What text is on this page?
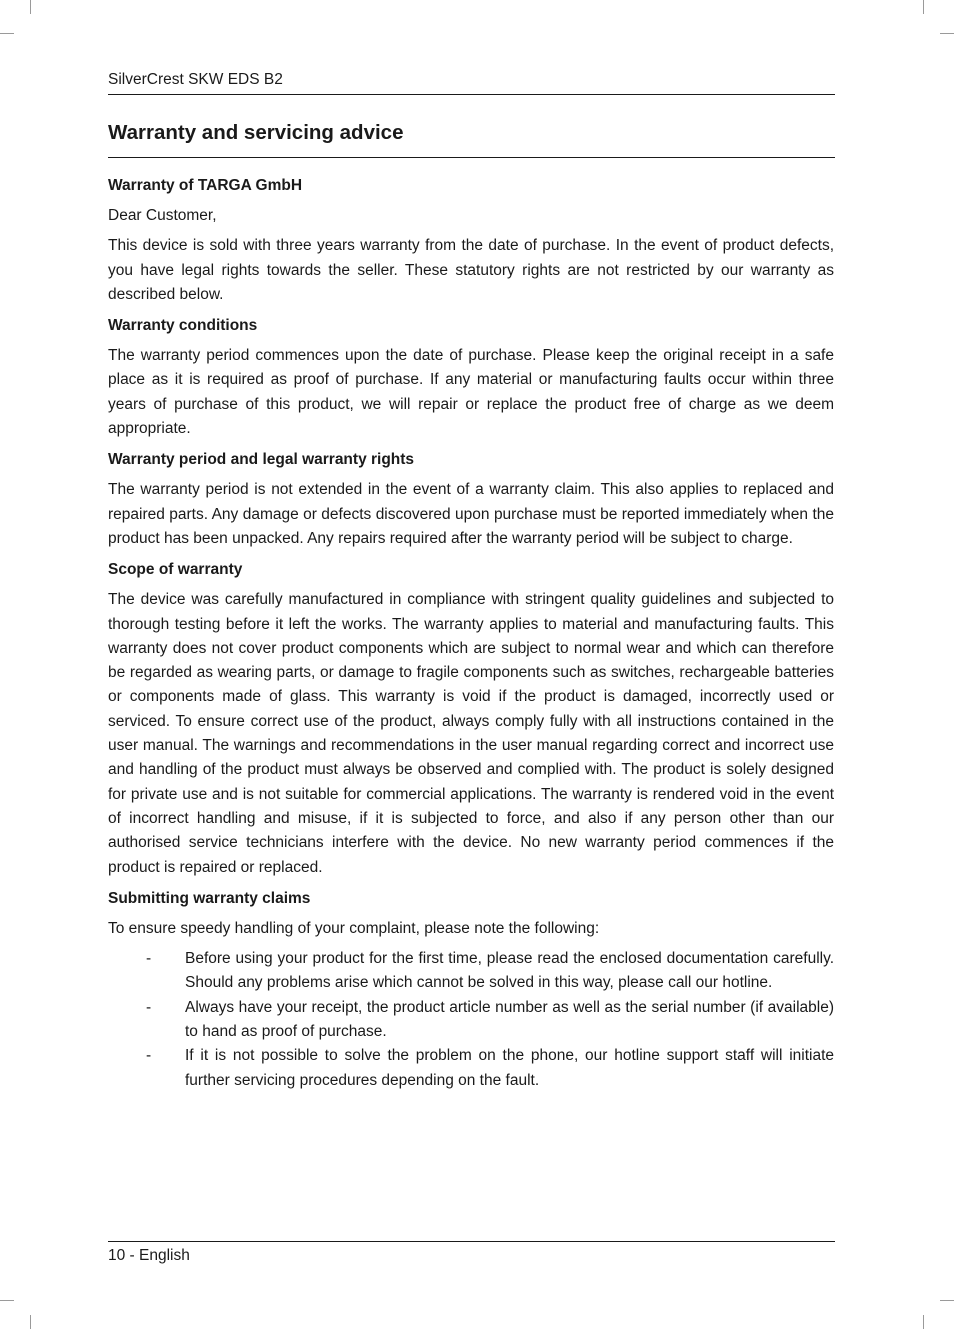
SilverCrest SKW EDS B2
Warranty and servicing advice
Warranty of TARGA GmbH

Dear Customer,

This device is sold with three years warranty from the date of purchase. In the event of product defects, you have legal rights towards the seller. These statutory rights are not restricted by our warranty as described below.

Warranty conditions

The warranty period commences upon the date of purchase. Please keep the original receipt in a safe place as it is required as proof of purchase. If any material or manufacturing faults occur within three years of purchase of this product, we will repair or replace the product free of charge as we deem appropriate.

Warranty period and legal warranty rights

The warranty period is not extended in the event of a warranty claim. This also applies to replaced and repaired parts. Any damage or defects discovered upon purchase must be reported immediately when the product has been unpacked. Any repairs required after the warranty period will be subject to charge.

Scope of warranty

The device was carefully manufactured in compliance with stringent quality guidelines and subjected to thorough testing before it left the works. The warranty applies to material and manufacturing faults. This warranty does not cover product components which are subject to normal wear and which can therefore be regarded as wearing parts, or damage to fragile components such as switches, rechargeable batteries or components made of glass. This warranty is void if the product is damaged, incorrectly used or serviced. To ensure correct use of the product, always comply fully with all instructions contained in the user manual. The warnings and recommendations in the user manual regarding correct and incorrect use and handling of the product must always be observed and complied with. The product is solely designed for private use and is not suitable for commercial applications. The warranty is rendered void in the event of incorrect handling and misuse, if it is subjected to force, and also if any person other than our authorised service technicians interfere with the device. No new warranty period commences if the product is repaired or replaced.

Submitting warranty claims

To ensure speedy handling of your complaint, please note the following:

- Before using your product for the first time, please read the enclosed documentation carefully. Should any problems arise which cannot be solved in this way, please call our hotline.
- Always have your receipt, the product article number as well as the serial number (if available) to hand as proof of purchase.
- If it is not possible to solve the problem on the phone, our hotline support staff will initiate further servicing procedures depending on the fault.
10 - English
